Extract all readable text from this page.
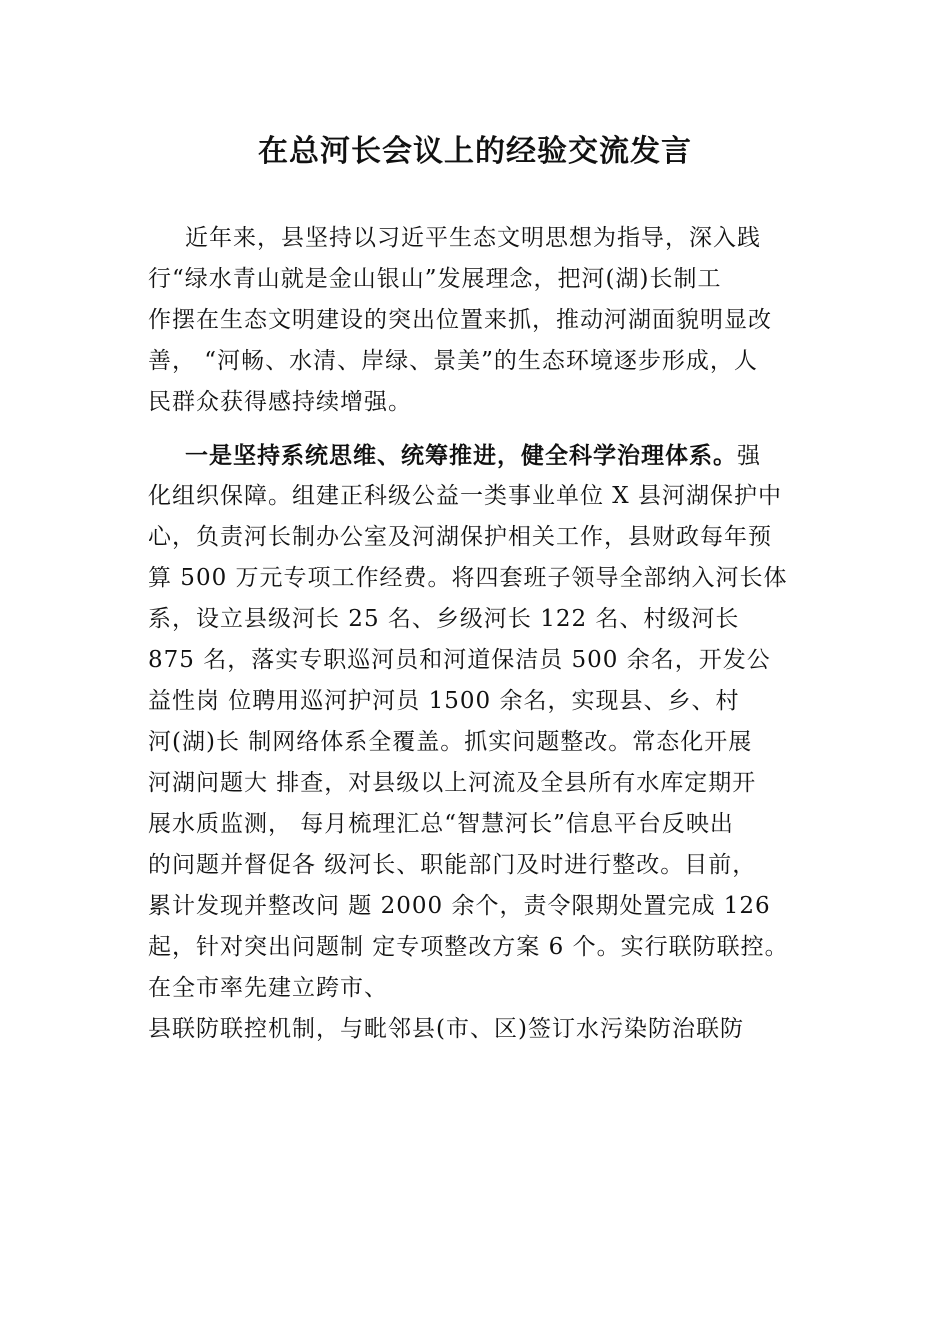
在总河长会议上的经验交流发言
近年来，县坚持以习近平生态文明思想为指导，深入践
行“绿水青山就是金山银山”发展理念，把河(湖)长制工
作摆在生态文明建设的突出位置来抓，推动河湖面貌明显改
善， “河畅、水清、岸绿、景美”的生态环境逐步形成，人
民群众获得感持续增强。
一是坚持系统思维、统筹推进，健全科学治理体系。强
化组织保障。组建正科级公益一类事业单位 X 县河湖保护中
心，负责河长制办公室及河湖保护相关工作，县财政每年预
算 500 万元专项工作经费。将四套班子领导全部纳入河长体
系，设立县级河长 25 名、乡级河长 122 名、村级河长
875 名，落实专职巡河员和河道保洁员 500 余名，开发公
益性岗 位聘用巡河护河员 1500 余名，实现县、乡、村
河(湖)长 制网络体系全覆盖。抓实问题整改。常态化开展
河湖问题大 排查，对县级以上河流及全县所有水库定期开
展水质监测， 每月梳理汇总“智慧河长”信息平台反映出
的问题并督促各 级河长、职能部门及时进行整改。目前，
累计发现并整改问 题 2000 余个，责令限期处置完成 126
起，针对突出问题制 定专项整改方案 6 个。实行联防联控。
在全市率先建立跨市、
县联防联控机制，与毗邻县(市、区)签订水污染防治联防
